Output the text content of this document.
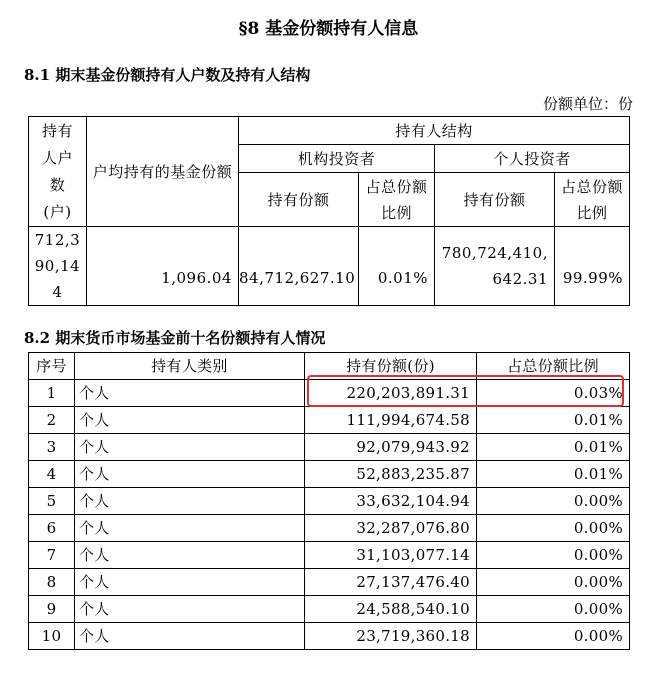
§8 基金份额持有人信息
8.1 期末基金份额持有人户数及持有人结构
份额单位：份
持有人户数(户)	户均持有的基金份额	持有人结构			
		机构投资者		个人投资者	
		持有份额	占总份额比例	持有份额	占总份额比例

712,390,144	1,096.04	84,712,627.10	0.01%	780,724,410,642.31	99.99%
8.2 期末货币市场基金前十名份额持有人情况
序号	持有人类别	持有份额(份)	占总份额比例
1	个人	220,203,891.31	0.03%
2	个人	111,994,674.58	0.01%
3	个人	92,079,943.92	0.01%
4	个人	52,883,235.87	0.01%
5	个人	33,632,104.94	0.00%
6	个人	32,287,076.80	0.00%
7	个人	31,103,077.14	0.00%
8	个人	27,137,476.40	0.00%
9	个人	24,588,540.10	0.00%
10	个人	23,719,360.18	0.00%
